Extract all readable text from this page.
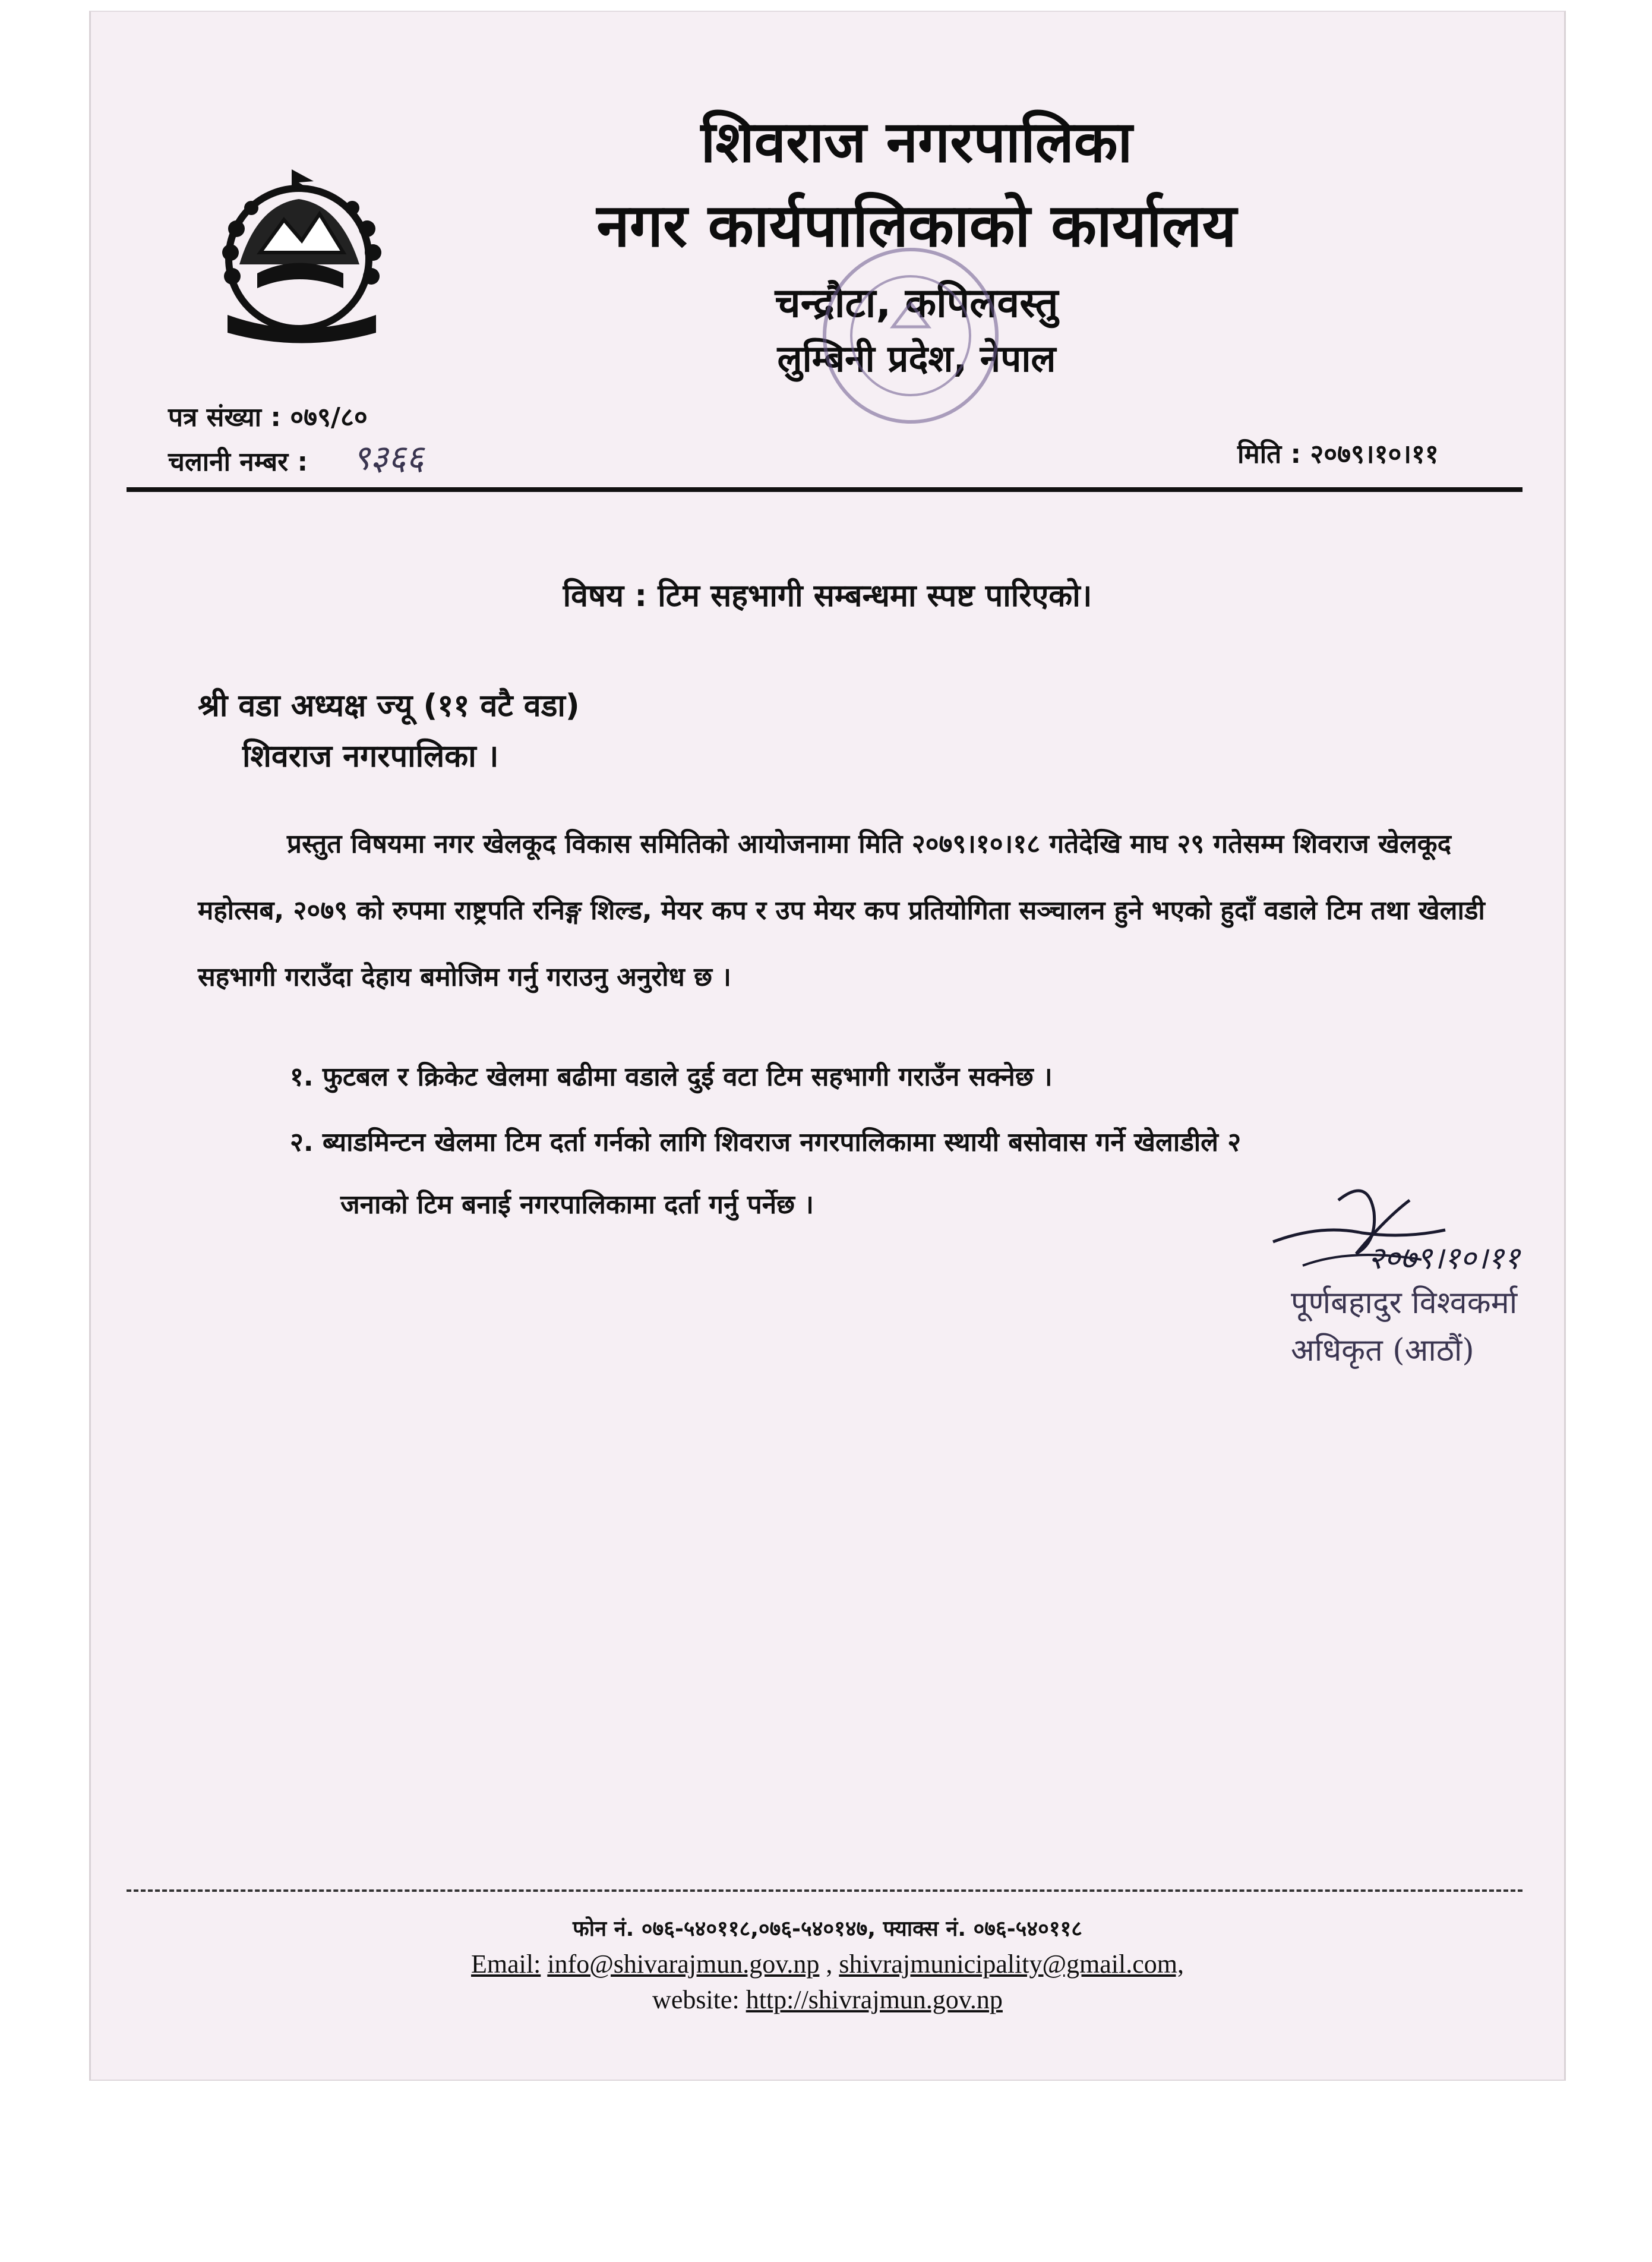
शिवराज नगरपालिका
नगर कार्यपालिकाको कार्यालय
चन्द्रौटा, कपिलवस्तु
लुम्बिनी प्रदेश, नेपाल
पत्र संख्या : ०७९/८०
चलानी नम्बर : ९३६६	मिति : २०७९।१०।११
विषय : टिम सहभागी सम्बन्धमा स्पष्ट पारिएको।
श्री वडा अध्यक्ष ज्यू (११ वटै वडा)
शिवराज नगरपालिका ।
प्रस्तुत विषयमा नगर खेलकूद विकास समितिको आयोजनामा मिति २०७९।१०।१८ गतेदेखि माघ २९ गतेसम्म शिवराज खेलकूद महोत्सब, २०७९ को रुपमा राष्ट्रपति रनिङ्ग शिल्ड, मेयर कप र उप मेयर कप प्रतियोगिता सञ्चालन हुने भएको हुदाँ वडाले टिम तथा खेलाडी सहभागी गराउँदा देहाय बमोजिम गर्नु गराउनु अनुरोध छ ।
१. फुटबल र क्रिकेट खेलमा बढीमा वडाले दुई वटा टिम सहभागी गराउँन सक्नेछ ।
२. ब्याडमिन्टन खेलमा टिम दर्ता गर्नको लागि शिवराज नगरपालिकामा स्थायी बसोवास गर्ने खेलाडीले २
जनाको टिम बनाई नगरपालिकामा दर्ता गर्नु पर्नेछ ।
२०७९।१०।११
पूर्णबहादुर विश्वकर्मा
अधिकृत (आठौं)
फोन नं. ०७६-५४०११८,०७६-५४०१४७, फ्याक्स नं. ०७६-५४०११८
Email: info@shivarajmun.gov.np , shivrajmunicipality@gmail.com,
website: http://shivrajmun.gov.np
